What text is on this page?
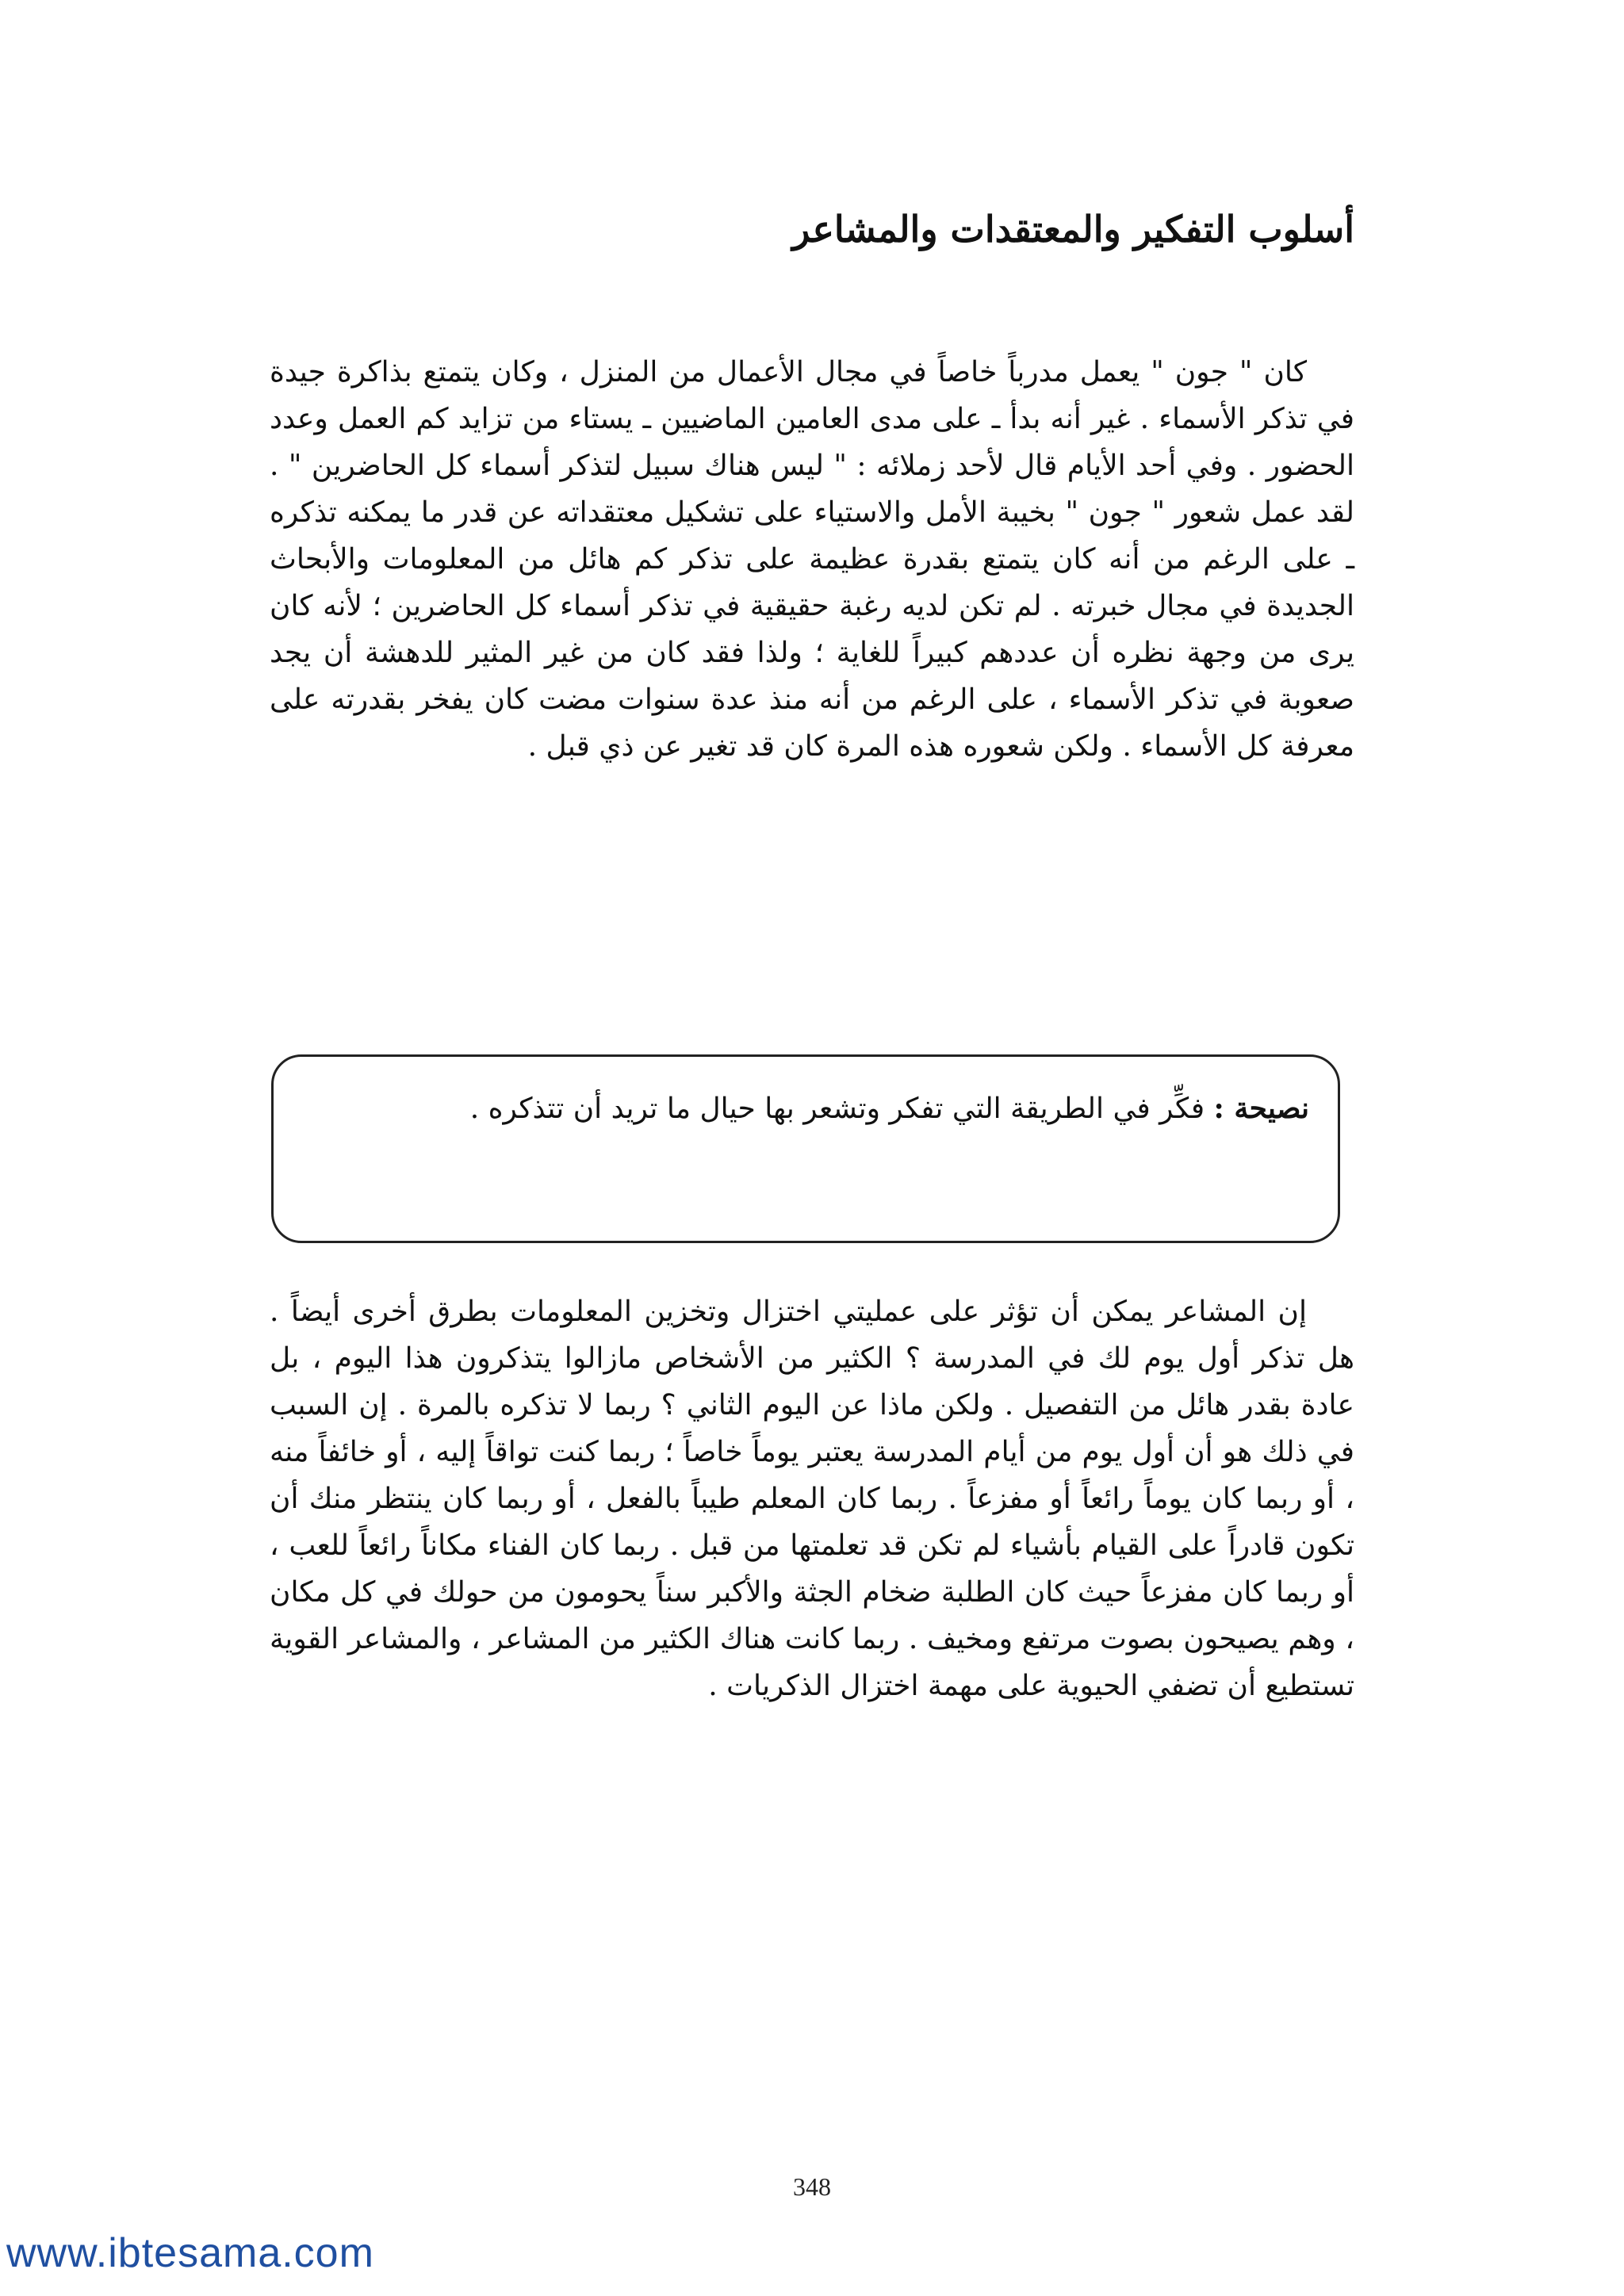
أسلوب التفكير والمعتقدات والمشاعر

كان " جون " يعمل مدرباً خاصاً في مجال الأعمال من المنزل ، وكان يتمتع بذاكرة جيدة في تذكر الأسماء . غير أنه بدأ ـ على مدى العامين الماضيين ـ يستاء من تزايد كم العمل وعدد الحضور . وفي أحد الأيام قال لأحد زملائه : " ليس هناك سبيل لتذكر أسماء كل الحاضرين " . لقد عمل شعور " جون " بخيبة الأمل والاستياء على تشكيل معتقداته عن قدر ما يمكنه تذكره ـ على الرغم من أنه كان يتمتع بقدرة عظيمة على تذكر كم هائل من المعلومات والأبحاث الجديدة في مجال خبرته . لم تكن لديه رغبة حقيقية في تذكر أسماء كل الحاضرين ؛ لأنه كان يرى من وجهة نظره أن عددهم كبيراً للغاية ؛ ولذا فقد كان من غير المثير للدهشة أن يجد صعوبة في تذكر الأسماء ، على الرغم من أنه منذ عدة سنوات مضت كان يفخر بقدرته على معرفة كل الأسماء . ولكن شعوره هذه المرة كان قد تغير عن ذي قبل .

نصيحة : فكِّر في الطريقة التي تفكر وتشعر بها حيال ما تريد أن تتذكره .

إن المشاعر يمكن أن تؤثر على عمليتي اختزال وتخزين المعلومات بطرق أخرى أيضاً . هل تذكر أول يوم لك في المدرسة ؟ الكثير من الأشخاص مازالوا يتذكرون هذا اليوم ، بل عادة بقدر هائل من التفصيل . ولكن ماذا عن اليوم الثاني ؟ ربما لا تذكره بالمرة . إن السبب في ذلك هو أن أول يوم من أيام المدرسة يعتبر يوماً خاصاً ؛ ربما كنت تواقاً إليه ، أو خائفاً منه ، أو ربما كان يوماً رائعاً أو مفزعاً . ربما كان المعلم طيباً بالفعل ، أو ربما كان ينتظر منك أن تكون قادراً على القيام بأشياء لم تكن قد تعلمتها من قبل . ربما كان الفناء مكاناً رائعاً للعب ، أو ربما كان مفزعاً حيث كان الطلبة ضخام الجثة والأكبر سناً يحومون من حولك في كل مكان ، وهم يصيحون بصوت مرتفع ومخيف . ربما كانت هناك الكثير من المشاعر ، والمشاعر القوية تستطيع أن تضفي الحيوية على مهمة اختزال الذكريات .

348
www.ibtesama.com
